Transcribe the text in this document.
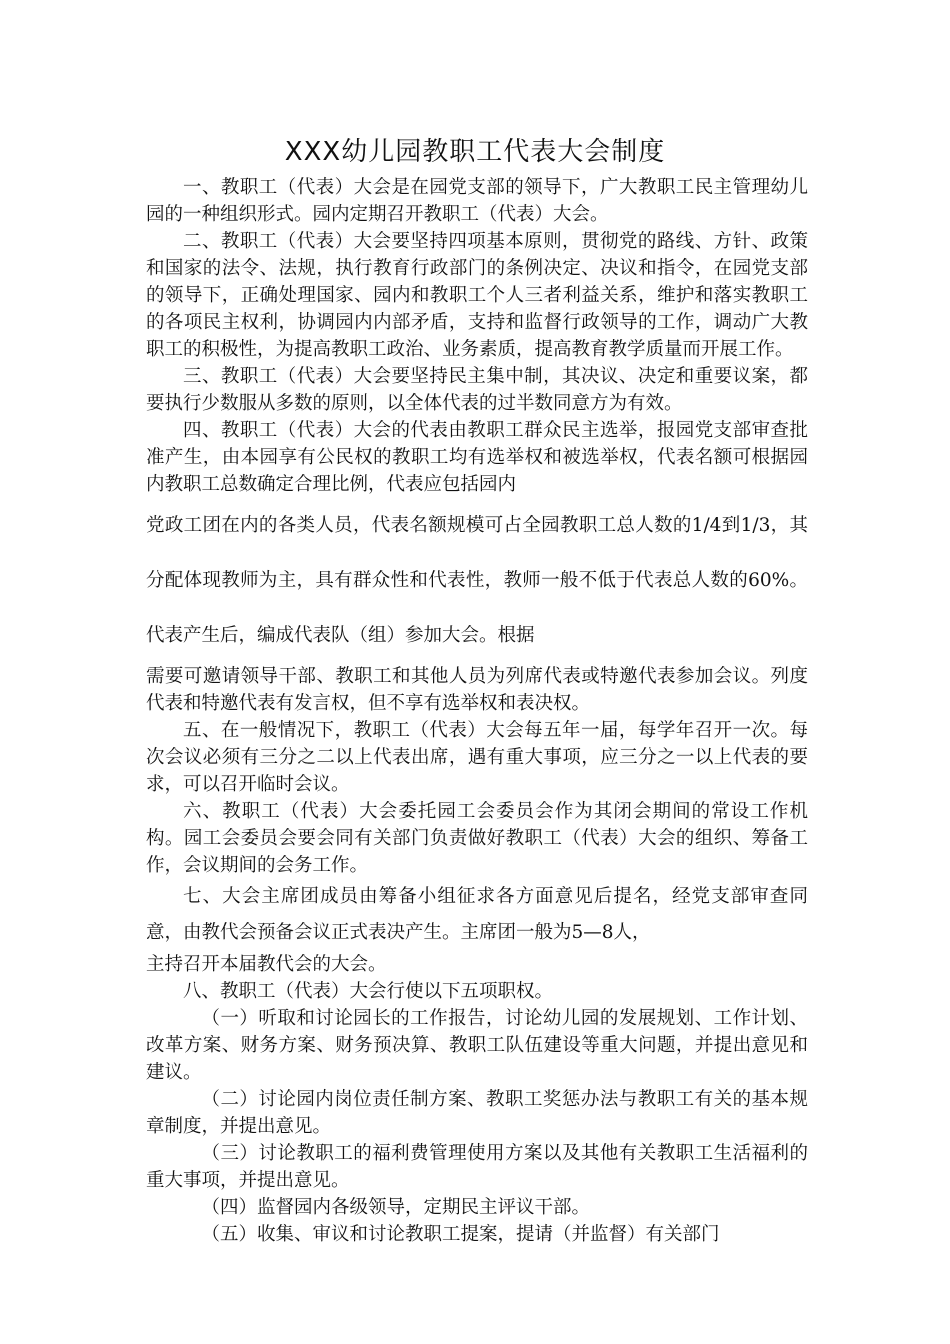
XXX幼儿园教职工代表大会制度

一、教职工（代表）大会是在园党支部的领导下，广大教职工民主管理幼儿园的一种组织形式。园内定期召开教职工（代表）大会。

二、教职工（代表）大会要坚持四项基本原则，贯彻党的路线、方针、政策和国家的法令、法规，执行教育行政部门的条例决定、决议和指令，在园党支部的领导下，正确处理国家、园内和教职工个人三者利益关系，维护和落实教职工的各项民主权利，协调园内内部矛盾，支持和监督行政领导的工作，调动广大教职工的积极性，为提高教职工政治、业务素质，提高教育教学质量而开展工作。

三、教职工（代表）大会要坚持民主集中制，其决议、决定和重要议案，都要执行少数服从多数的原则，以全体代表的过半数同意方为有效。

四、教职工（代表）大会的代表由教职工群众民主选举，报园党支部审查批准产生，由本园享有公民权的教职工均有选举权和被选举权，代表名额可根据园内教职工总数确定合理比例，代表应包括园内

党政工团在内的各类人员，代表名额规模可占全园教职工总人数的1/4到1/3，其分配体现教师为主，具有群众性和代表性，教师一般不低于代表总人数的60%。代表产生后，编成代表队（组）参加大会。根据

需要可邀请领导干部、教职工和其他人员为列席代表或特邀代表参加会议。列度代表和特邀代表有发言权，但不享有选举权和表决权。

五、在一般情况下，教职工（代表）大会每五年一届，每学年召开一次。每次会议必须有三分之二以上代表出席，遇有重大事项，应三分之一以上代表的要求，可以召开临时会议。

六、教职工（代表）大会委托园工会委员会作为其闭会期间的常设工作机构。园工会委员会要会同有关部门负责做好教职工（代表）大会的组织、筹备工作，会议期间的会务工作。

七、大会主席团成员由筹备小组征求各方面意见后提名，经党支部审查同意，由教代会预备会议正式表决产生。主席团一般为5—8人，

主持召开本届教代会的大会。

八、教职工（代表）大会行使以下五项职权。

（一）听取和讨论园长的工作报告，讨论幼儿园的发展规划、工作计划、改革方案、财务方案、财务预决算、教职工队伍建设等重大问题，并提出意见和建议。

（二）讨论园内岗位责任制方案、教职工奖惩办法与教职工有关的基本规章制度，并提出意见。

（三）讨论教职工的福利费管理使用方案以及其他有关教职工生活福利的重大事项，并提出意见。

（四）监督园内各级领导，定期民主评议干部。

（五）收集、审议和讨论教职工提案，提请（并监督）有关部门
